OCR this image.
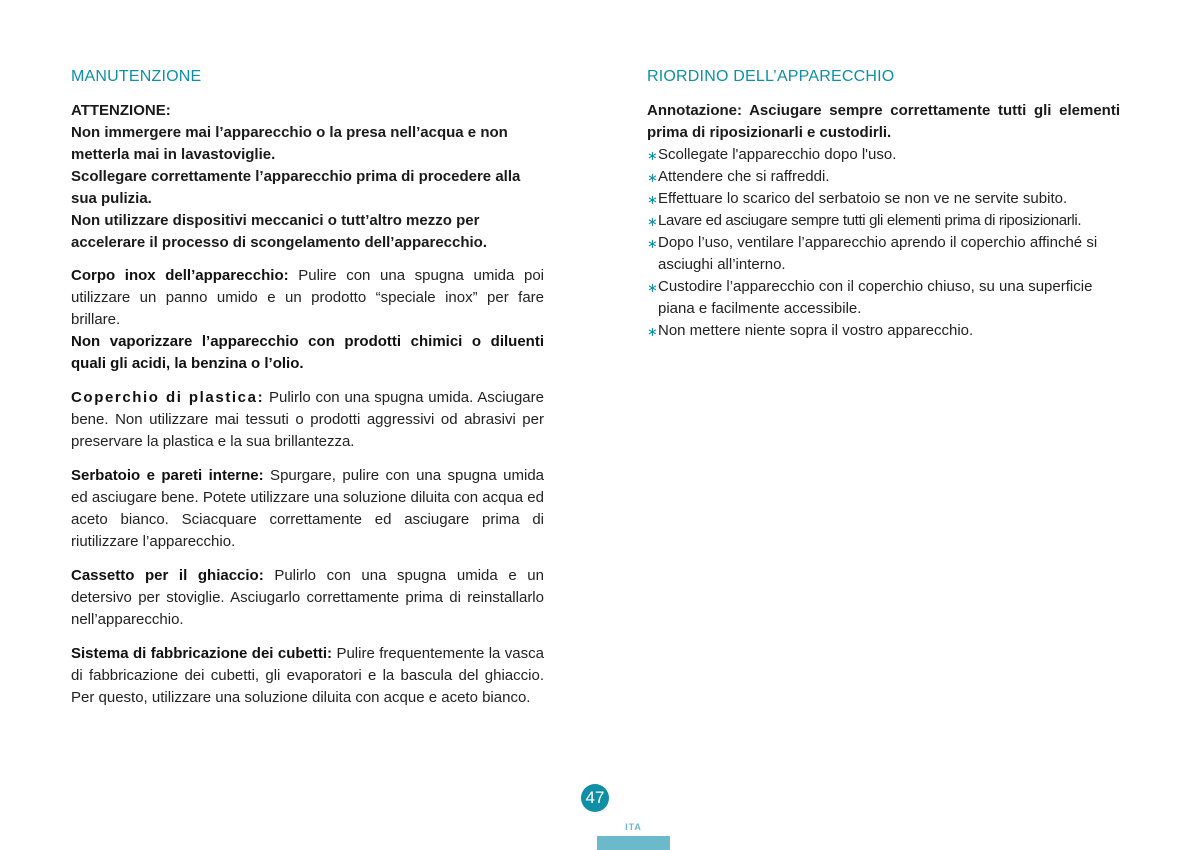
MANUTENZIONE
ATTENZIONE:
Non immergere mai l’apparecchio o la presa nell’acqua e non metterla mai in lavastoviglie.
Scollegare correttamente l’apparecchio prima di procedere alla sua pulizia.
Non utilizzare dispositivi meccanici o tutt’altro mezzo per accelerare il processo di scongelamento dell’apparecchio.

Corpo inox dell’apparecchio: Pulire con una spugna umida poi utilizzare un panno umido e un prodotto “speciale inox” per fare brillare.
Non vaporizzare l’apparecchio con prodotti chimici o diluenti quali gli acidi, la benzina o l’olio.

Coperchio di plastica: Pulirlo con una spugna umida. Asciugare bene. Non utilizzare mai tessuti o prodotti aggressivi od abrasivi per preservare la plastica e la sua brillantezza.

Serbatoio e pareti interne: Spurgare, pulire con una spugna umida ed asciugare bene. Potete utilizzare una soluzione diluita con acqua ed aceto bianco. Sciacquare correttamente ed asciugare prima di riutilizzare l’apparecchio.

Cassetto per il ghiaccio: Pulirlo con una spugna umida e un detersivo per stoviglie. Asciugarlo correttamente prima di reinstallarlo nell’apparecchio.

Sistema di fabbricazione dei cubetti: Pulire frequentemente la vasca di fabbricazione dei cubetti, gli evaporatori e la bascula del ghiaccio. Per questo, utilizzare una soluzione diluita con acque e aceto bianco.

RIORDINO DELL’APPARECCHIO
Annotazione: Asciugare sempre correttamente tutti gli elementi prima di riposizionarli e custodirli.
∗ Scollegate l'apparecchio dopo l'uso.
∗ Attendere che si raffreddi.
∗ Effettuare lo scarico del serbatoio se non ve ne servite subito.
∗ Lavare ed asciugare sempre tutti gli elementi prima di riposizionarli.
∗ Dopo l’uso, ventilare l’apparecchio aprendo il coperchio affinché si asciughi all’interno.
∗ Custodire l’apparecchio con il coperchio chiuso, su una superficie piana e facilmente accessibile.
∗ Non mettere niente sopra il vostro apparecchio.
47
ITA
